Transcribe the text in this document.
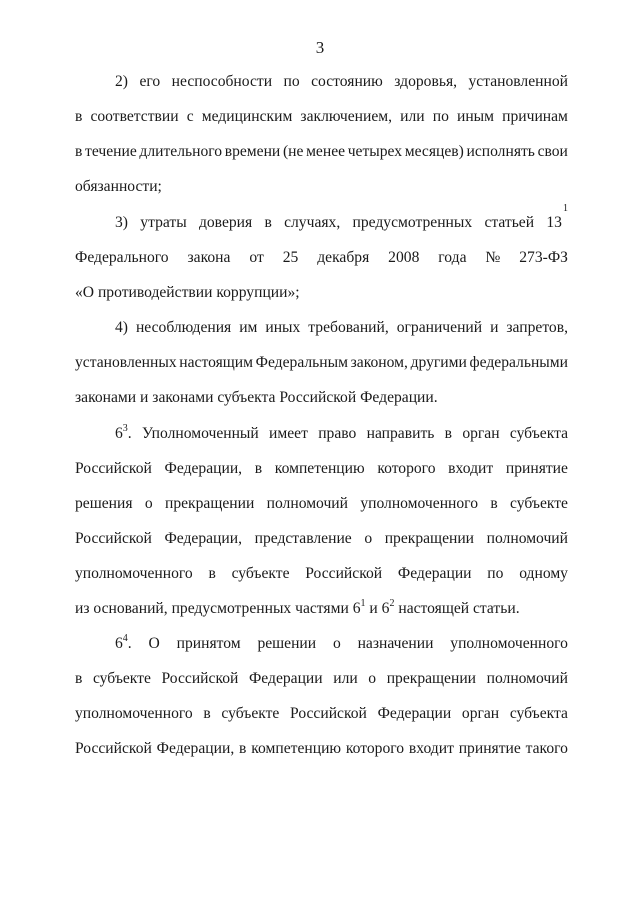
3
2) его неспособности по состоянию здоровья, установленной
в соответствии с медицинским заключением, или по иным причинам
в течение длительного времени (не менее четырех месяцев) исполнять свои
обязанности;
3) утраты доверия в случаях, предусмотренных статьей 13
1
Федерального закона от 25 декабря 2008 года № 273-ФЗ
«О противодействии коррупции»;
4) несоблюдения им иных требований, ограничений и запретов,
установленных настоящим Федеральным законом, другими федеральными
законами и законами субъекта Российской Федерации.
$6^3$ . Уполномоченный имеет право направить в орган субъекта
Российской Федерации, в компетенцию которого входит принятие
решения о прекращении полномочий уполномоченного в субъекте
Российской Федерации, представление о прекращении полномочий
уполномоченного в субъекте Российской Федерации по одному
из оснований, предусмотренных частями $6^1$ и $6^2$ настоящей статьи.
$6^4$ . О принятом решении о назначении уполномоченного
в субъекте Российской Федерации или о прекращении полномочий
уполномоченного в субъекте Российской Федерации орган субъекта
Российской Федерации, в компетенцию которого входит принятие такого
